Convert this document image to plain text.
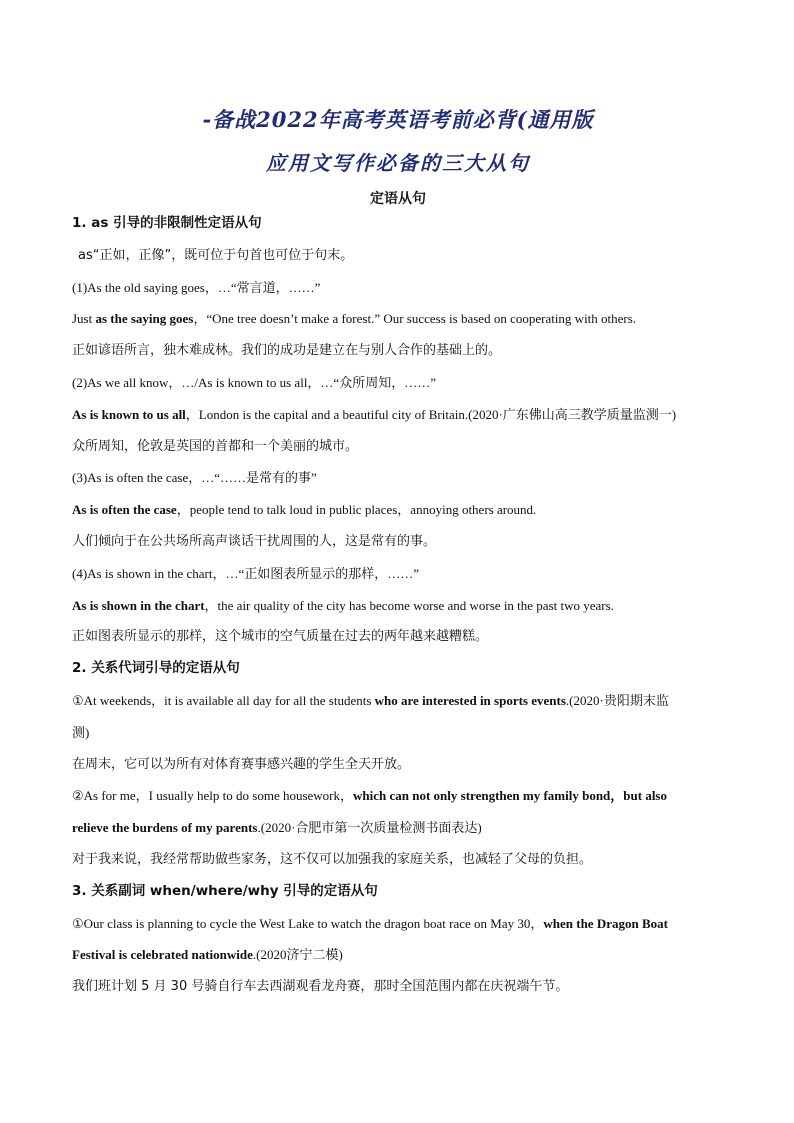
-备战2022年高考英语考前必背(通用版
应用文写作必备的三大从句
定语从句
1. as 引导的非限制性定语从句
as“正如，正像”，既可位于句首也可位于句末。
(1)As the old saying goes，…“常言道，……”
Just as the saying goes，“One tree doesn’t make a forest.” Our success is based on cooperating with others.
正如谚语所言，独木难成林。我们的成功是建立在与别人合作的基础上的。
(2)As we all know，…/As is known to us all，…“众所周知，……”
As is known to us all，London is the capital and a beautiful city of Britain.(2020·广东佛山高三教学质量监测一)
众所周知，伦敦是英国的首都和一个美丽的城市。
(3)As is often the case，…“……是常有的事”
As is often the case，people tend to talk loud in public places，annoying others around.
人们倾向于在公共场所高声谈话干扰周围的人，这是常有的事。
(4)As is shown in the chart，…“正如图表所显示的那样，……”
As is shown in the chart，the air quality of the city has become worse and worse in the past two years.
正如图表所显示的那样，这个城市的空气质量在过去的两年越来越糟糕。
2. 关系代词引导的定语从句
①At weekends，it is available all day for all the students who are interested in sports events.(2020·贵阳期末监
测)
在周末，它可以为所有对体育赛事感兴趣的学生全天开放。
②As for me，I usually help to do some housework，which can not only strengthen my family bond，but also
relieve the burdens of my parents.(2020·合肥市第一次质量检测书面表达)
对于我来说，我经常帮助做些家务，这不仅可以加强我的家庭关系，也减轻了父母的负担。
3. 关系副词 when/where/why 引导的定语从句
①Our class is planning to cycle the West Lake to watch the dragon boat race on May 30，when the Dragon Boat
Festival is celebrated nationwide.(2020济宁二模)
我们班计划 5 月 30 号骑自行车去西湖观看龙舟赛，那时全国范围内都在庆祝端午节。
